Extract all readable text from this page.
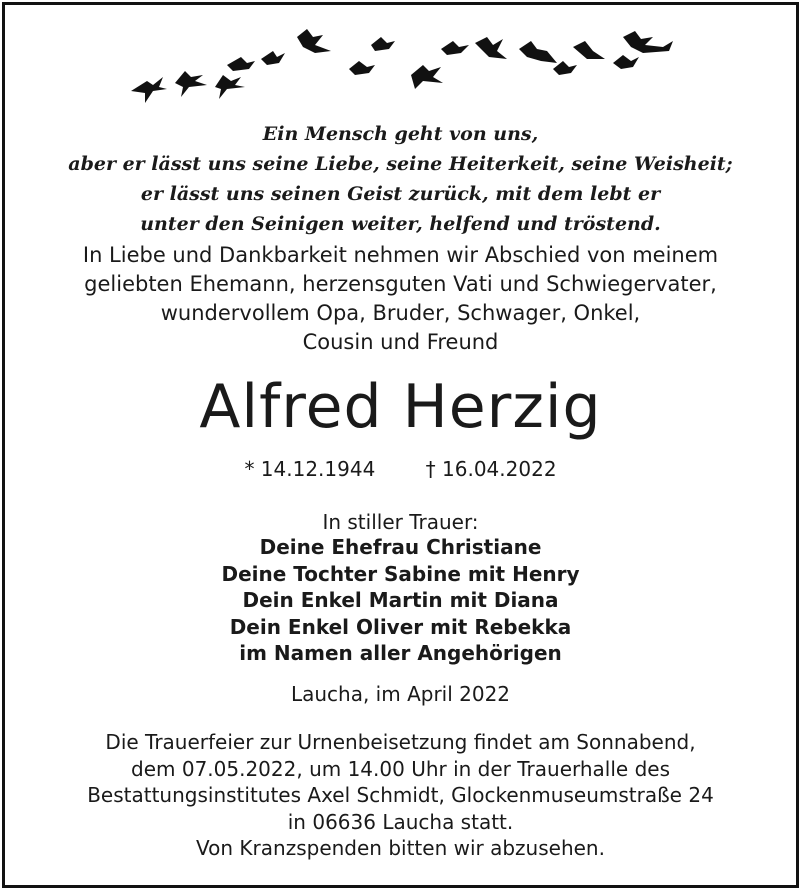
Ein Mensch geht von uns,
aber er lässt uns seine Liebe, seine Heiterkeit, seine Weisheit;
er lässt uns seinen Geist zurück, mit dem lebt er
unter den Seinigen weiter, helfend und tröstend.
In Liebe und Dankbarkeit nehmen wir Abschied von meinem
geliebten Ehemann, herzensguten Vati und Schwiegervater,
wundervollem Opa, Bruder, Schwager, Onkel,
Cousin und Freund
Alfred Herzig
* 14.12.1944	† 16.04.2022
In stiller Trauer:
Deine Ehefrau Christiane
Deine Tochter Sabine mit Henry
Dein Enkel Martin mit Diana
Dein Enkel Oliver mit Rebekka
im Namen aller Angehörigen
Laucha, im April 2022
Die Trauerfeier zur Urnenbeisetzung findet am Sonnabend,
dem 07.05.2022, um 14.00 Uhr in der Trauerhalle des
Bestattungsinstitutes Axel Schmidt, Glockenmuseumstraße 24
in 06636 Laucha statt.
Von Kranzspenden bitten wir abzusehen.
